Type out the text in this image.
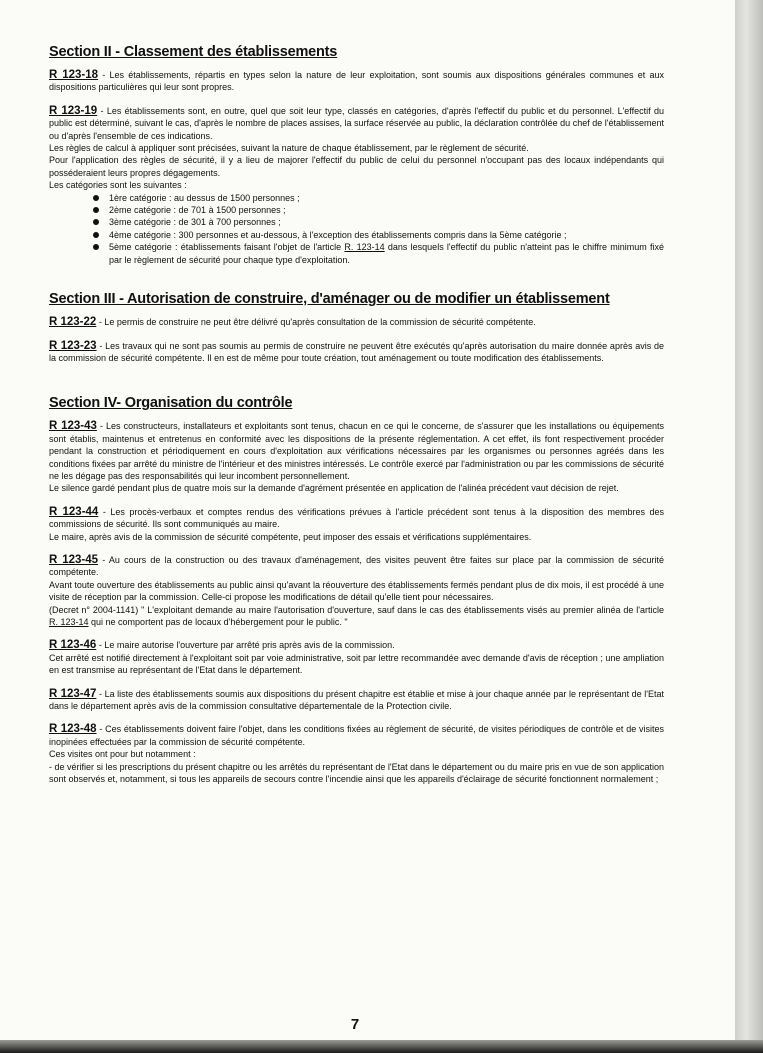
Section II - Classement des établissements

R 123-18 - Les établissements, répartis en types selon la nature de leur exploitation, sont soumis aux dispositions générales communes et aux dispositions particulières qui leur sont propres.

R 123-19 - Les établissements sont, en outre, quel que soit leur type, classés en catégories, d'après l'effectif du public et du personnel. L'effectif du public est déterminé, suivant le cas, d'après le nombre de places assises, la surface réservée au public, la déclaration contrôlée du chef de l'établissement ou d'après l'ensemble de ces indications.

Les règles de calcul à appliquer sont précisées, suivant la nature de chaque établissement, par le règlement de sécurité.

Pour l'application des règles de sécurité, il y a lieu de majorer l'effectif du public de celui du personnel n'occupant pas des locaux indépendants qui posséderaient leurs propres dégagements.

Les catégories sont les suivantes :

1ère catégorie : au dessus de 1500 personnes ;
2ème catégorie : de 701 à 1500 personnes ;
3ème catégorie : de 301 à 700 personnes ;
4ème catégorie : 300 personnes et au-dessous, à l'exception des établissements compris dans la 5ème catégorie ;
5ème catégorie : établissements faisant l'objet de l'article R. 123-14 dans lesquels l'effectif du public n'atteint pas le chiffre minimum fixé par le règlement de sécurité pour chaque type d'exploitation.
Section III - Autorisation de construire, d'aménager ou de modifier un établissement

R 123-22 - Le permis de construire ne peut être délivré qu'après consultation de la commission de sécurité compétente.

R 123-23 - Les travaux qui ne sont pas soumis au permis de construire ne peuvent être exécutés qu'après autorisation du maire donnée après avis de la commission de sécurité compétente. Il en est de même pour toute création, tout aménagement ou toute modification des établissements.

Section IV- Organisation du contrôle

R 123-43 - Les constructeurs, installateurs et exploitants sont tenus, chacun en ce qui le concerne, de s'assurer que les installations ou équipements sont établis, maintenus et entretenus en conformité avec les dispositions de la présente réglementation. A cet effet, ils font respectivement procéder pendant la construction et périodiquement en cours d'exploitation aux vérifications nécessaires par les organismes ou personnes agréés dans les conditions fixées par arrêté du ministre de l'intérieur et des ministres intéressés. Le contrôle exercé par l'administration ou par les commissions de sécurité ne les dégage pas des responsabilités qui leur incombent personnellement.

Le silence gardé pendant plus de quatre mois sur la demande d'agrément présentée en application de l'alinéa précédent vaut décision de rejet.

R 123-44 - Les procès-verbaux et comptes rendus des vérifications prévues à l'article précédent sont tenus à la disposition des membres des commissions de sécurité. Ils sont communiqués au maire.

Le maire, après avis de la commission de sécurité compétente, peut imposer des essais et vérifications supplémentaires.

R 123-45 - Au cours de la construction ou des travaux d'aménagement, des visites peuvent être faites sur place par la commission de sécurité compétente.

Avant toute ouverture des établissements au public ainsi qu'avant la réouverture des établissements fermés pendant plus de dix mois, il est procédé à une visite de réception par la commission. Celle-ci propose les modifications de détail qu'elle tient pour nécessaires.

(Decret n° 2004-1141) " L'exploitant demande au maire l'autorisation d'ouverture, sauf dans le cas des établissements visés au premier alinéa de l'article R. 123-14 qui ne comportent pas de locaux d'hébergement pour le public. "

R 123-46 - Le maire autorise l'ouverture par arrêté pris après avis de la commission.

Cet arrêté est notifié directement à l'exploitant soit par voie administrative, soit par lettre recommandée avec demande d'avis de réception ; une ampliation en est transmise au représentant de l'Etat dans le département.

R 123-47 - La liste des établissements soumis aux dispositions du présent chapitre est établie et mise à jour chaque année par le représentant de l'Etat dans le département après avis de la commission consultative départementale de la Protection civile.

R 123-48 - Ces établissements doivent faire l'objet, dans les conditions fixées au règlement de sécurité, de visites périodiques de contrôle et de visites inopinées effectuées par la commission de sécurité compétente.

Ces visites ont pour but notamment :

- de vérifier si les prescriptions du présent chapitre ou les arrêtés du représentant de l'Etat dans le département ou du maire pris en vue de son application sont observés et, notamment, si tous les appareils de secours contre l'incendie ainsi que les appareils d'éclairage de sécurité fonctionnent normalement ;

7
